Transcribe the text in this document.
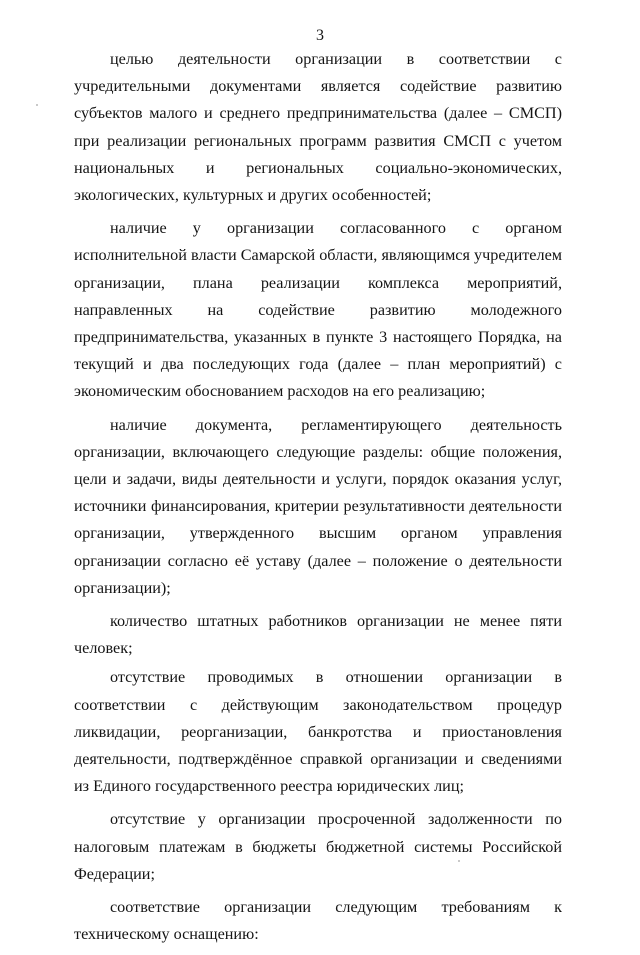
3

целью деятельности организации в соответствии с учредительными документами является содействие развитию субъектов малого и среднего предпринимательства (далее – СМСП) при реализации региональных программ развития СМСП с учетом национальных и региональных социально-экономических, экологических, культурных и других особенностей;

наличие у организации согласованного с органом исполнительной власти Самарской области, являющимся учредителем организации, плана реализации комплекса мероприятий, направленных на содействие развитию молодежного предпринимательства, указанных в пункте 3 настоящего Порядка, на текущий и два последующих года (далее – план мероприятий) с экономическим обоснованием расходов на его реализацию;

наличие документа, регламентирующего деятельность организации, включающего следующие разделы: общие положения, цели и задачи, виды деятельности и услуги, порядок оказания услуг, источники финансирования, критерии результативности деятельности организации, утвержденного высшим органом управления организации согласно её уставу (далее – положение о деятельности организации);

количество штатных работников организации не менее пяти человек;

отсутствие проводимых в отношении организации в соответствии с действующим законодательством процедур ликвидации, реорганизации, банкротства и приостановления деятельности, подтверждённое справкой организации и сведениями из Единого государственного реестра юридических лиц;

отсутствие у организации просроченной задолженности по налоговым платежам в бюджеты бюджетной системы Российской Федерации;

соответствие организации следующим требованиям к техническому оснащению:
